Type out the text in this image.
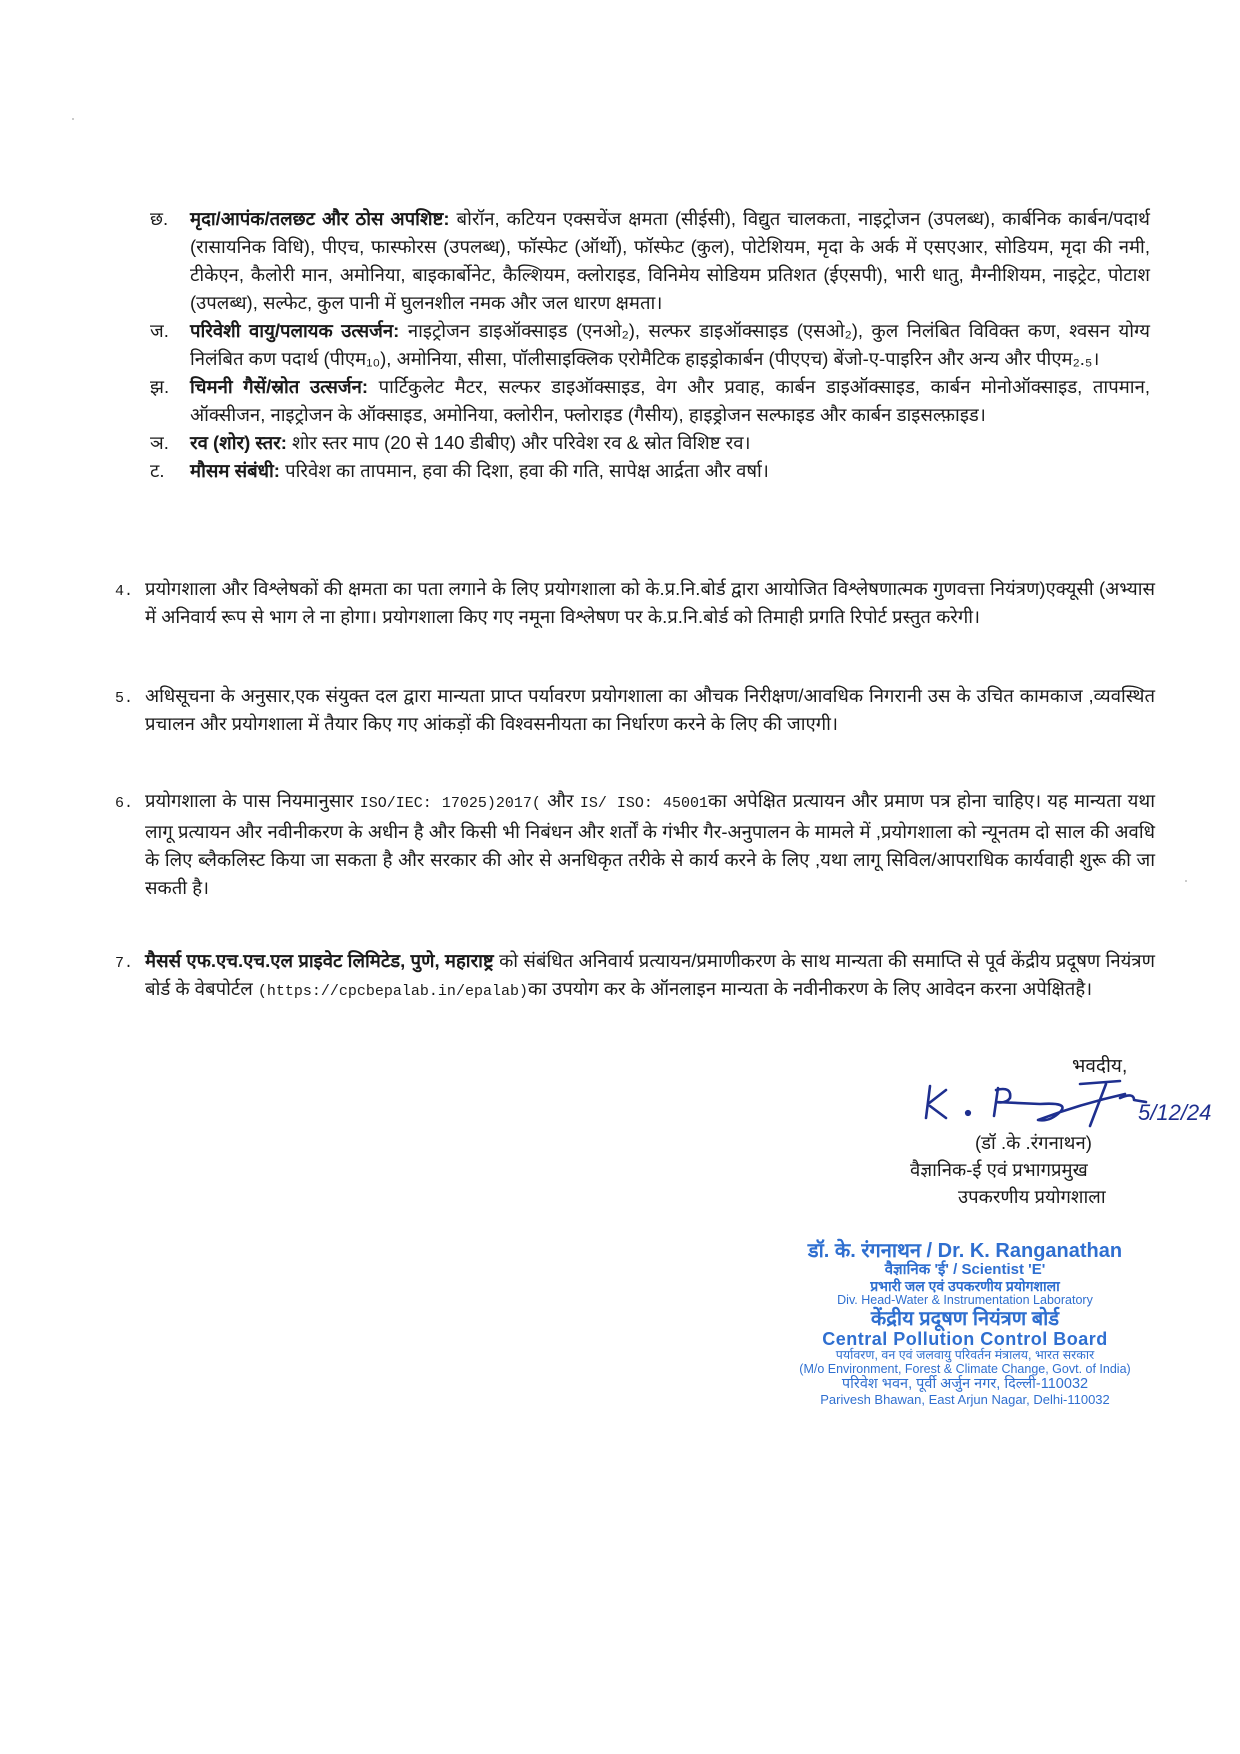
छ.	मृदा/आपंक/तलछट और ठोस अपशिष्ट: बोरॉन, कटियन एक्सचेंज क्षमता (सीईसी), विद्युत चालकता, नाइट्रोजन (उपलब्ध), कार्बनिक कार्बन/पदार्थ (रासायनिक विधि), पीएच, फास्फोरस (उपलब्ध), फॉस्फेट (ऑर्थो), फॉस्फेट (कुल), पोटेशियम, मृदा के अर्क में एसएआर, सोडियम, मृदा की नमी, टीकेएन, कैलोरी मान, अमोनिया, बाइकार्बोनेट, कैल्शियम, क्लोराइड, विनिमेय सोडियम प्रतिशत (ईएसपी), भारी धातु, मैग्नीशियम, नाइट्रेट, पोटाश (उपलब्ध), सल्फेट, कुल पानी में घुलनशील नमक और जल धारण क्षमता।
ज.	परिवेशी वायु/पलायक उत्सर्जन: नाइट्रोजन डाइऑक्साइड (एनओ₂), सल्फर डाइऑक्साइड (एसओ₂), कुल निलंबित विविक्त कण, श्वसन योग्य निलंबित कण पदार्थ (पीएम₁₀), अमोनिया, सीसा, पॉलीसाइक्लिक एरोमैटिक हाइड्रोकार्बन (पीएएच) बेंजो-ए-पाइरिन और अन्य और पीएम₂.₅।
झ.	चिमनी गैसें/स्रोत उत्सर्जन: पार्टिकुलेट मैटर, सल्फर डाइऑक्साइड, वेग और प्रवाह, कार्बन डाइऑक्साइड, कार्बन मोनोऑक्साइड, तापमान, ऑक्सीजन, नाइट्रोजन के ऑक्साइड, अमोनिया, क्लोरीन, फ्लोराइड (गैसीय), हाइड्रोजन सल्फाइड और कार्बन डाइसल्फ़ाइड।
ञ.	रव (शोर) स्तर: शोर स्तर माप (20 से 140 डीबीए) और परिवेश रव & स्रोत विशिष्ट रव।
ट.	मौसम संबंधी: परिवेश का तापमान, हवा की दिशा, हवा की गति, सापेक्ष आर्द्रता और वर्षा।
4. प्रयोगशाला और विश्लेषकों की क्षमता का पता लगाने के लिए प्रयोगशाला को के.प्र.नि.बोर्ड द्वारा आयोजित विश्लेषणात्मक गुणवत्ता नियंत्रण)एक्यूसी (अभ्यास में अनिवार्य रूप से भाग ले ना होगा। प्रयोगशाला किए गए नमूना विश्लेषण पर के.प्र.नि.बोर्ड को तिमाही प्रगति रिपोर्ट प्रस्तुत करेगी।
5. अधिसूचना के अनुसार,एक संयुक्त दल द्वारा मान्यता प्राप्त पर्यावरण प्रयोगशाला का औचक निरीक्षण/आवधिक निगरानी उस के उचित कामकाज ,व्यवस्थित प्रचालन और प्रयोगशाला में तैयार किए गए आंकड़ों की विश्वसनीयता का निर्धारण करने के लिए की जाएगी।
6. प्रयोगशाला के पास नियमानुसार ISO/IEC: 17025)2017( और IS/ ISO: 45001का अपेक्षित प्रत्यायन और प्रमाण पत्र होना चाहिए। यह मान्यता यथा लागू प्रत्यायन और नवीनीकरण के अधीन है और किसी भी निबंधन और शर्तों के गंभीर गैर-अनुपालन के मामले में ,प्रयोगशाला को न्यूनतम दो साल की अवधि के लिए ब्लैकलिस्ट किया जा सकता है और सरकार की ओर से अनधिकृत तरीके से कार्य करने के लिए ,यथा लागू सिविल/आपराधिक कार्यवाही शुरू की जा सकती है।
7. मैसर्स एफ.एच.एच.एल प्राइवेट लिमिटेड, पुणे, महाराष्ट्र को संबंधित अनिवार्य प्रत्यायन/प्रमाणीकरण के साथ मान्यता की समाप्ति से पूर्व केंद्रीय प्रदूषण नियंत्रण बोर्ड के वेबपोर्टल (https://cpcbepalab.in/epalab)का उपयोग कर के ऑनलाइन मान्यता के नवीनीकरण के लिए आवेदन करना अपेक्षितहै।
भवदीय,
5/12/24
(डॉ .के .रंगनाथन)
वैज्ञानिक-ई एवं प्रभागप्रमुख
उपकरणीय प्रयोगशाला
डॉ. के. रंगनाथन / Dr. K. Ranganathan
वैज्ञानिक 'ई' / Scientist 'E'
प्रभारी जल एवं उपकरणीय प्रयोगशाला
Div. Head-Water & Instrumentation Laboratory
केंद्रीय प्रदूषण नियंत्रण बोर्ड
Central Pollution Control Board
पर्यावरण, वन एवं जलवायु परिवर्तन मंत्रालय, भारत सरकार
(M/o Environment, Forest & Climate Change, Govt. of India)
परिवेश भवन, पूर्वी अर्जुन नगर, दिल्ली-110032
Parivesh Bhawan, East Arjun Nagar, Delhi-110032
